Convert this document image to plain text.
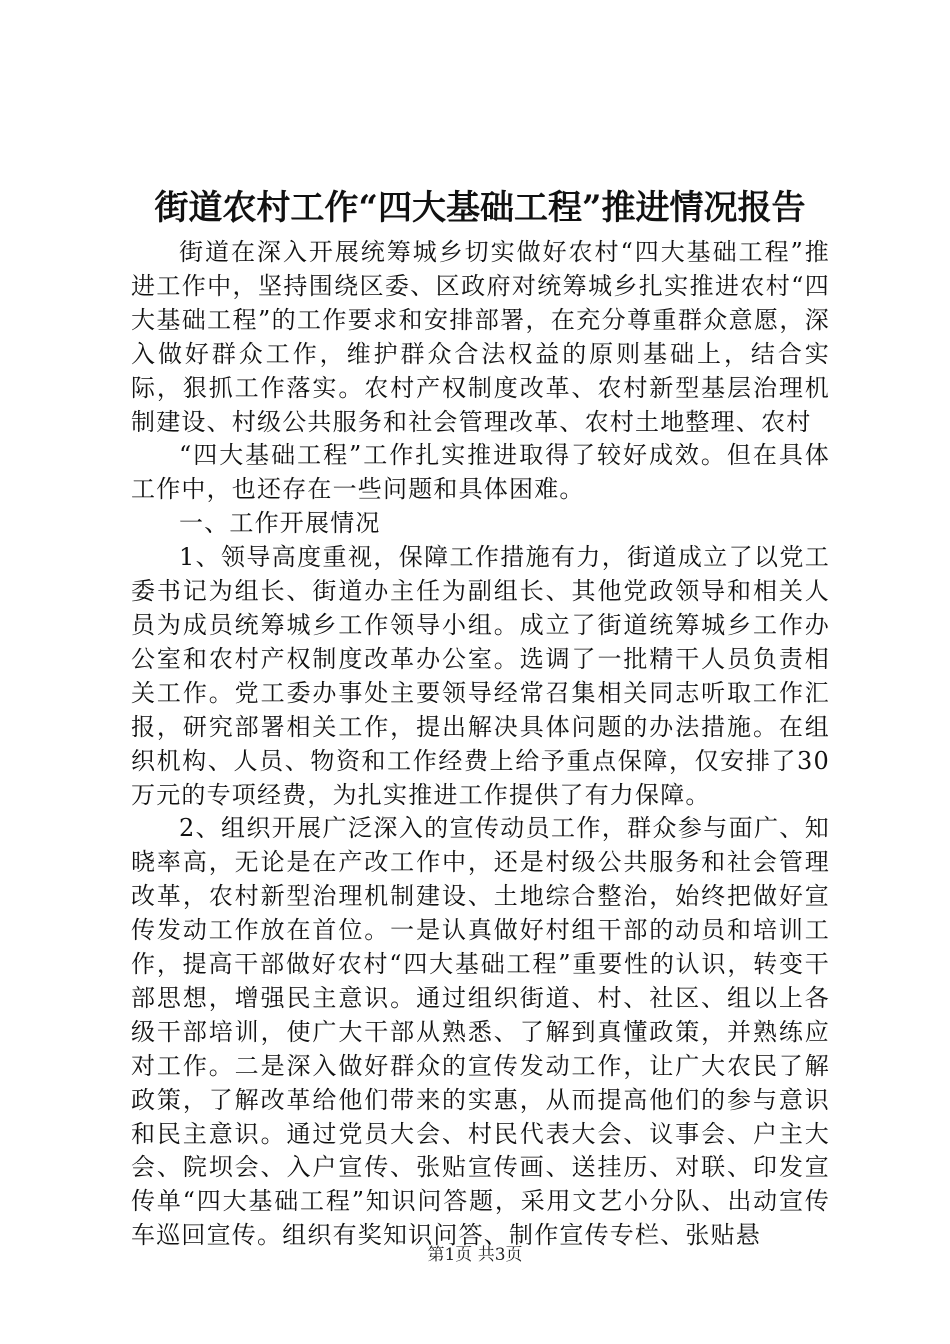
街道农村工作“四大基础工程”推进情况报告

街道在深入开展统筹城乡切实做好农村“四大基础工程”推进工作中，坚持围绕区委、区政府对统筹城乡扎实推进农村“四大基础工程”的工作要求和安排部署，在充分尊重群众意愿，深入做好群众工作，维护群众合法权益的原则基础上，结合实际，狠抓工作落实。农村产权制度改革、农村新型基层治理机制建设、村级公共服务和社会管理改革、农村土地整理、农村

“四大基础工程”工作扎实推进取得了较好成效。但在具体工作中，也还存在一些问题和具体困难。

一、工作开展情况

1、领导高度重视，保障工作措施有力，街道成立了以党工委书记为组长、街道办主任为副组长、其他党政领导和相关人员为成员统筹城乡工作领导小组。成立了街道统筹城乡工作办公室和农村产权制度改革办公室。选调了一批精干人员负责相关工作。党工委办事处主要领导经常召集相关同志听取工作汇报，研究部署相关工作，提出解决具体问题的办法措施。在组织机构、人员、物资和工作经费上给予重点保障，仅安排了30万元的专项经费，为扎实推进工作提供了有力保障。

2、组织开展广泛深入的宣传动员工作，群众参与面广、知晓率高，无论是在产改工作中，还是村级公共服务和社会管理改革，农村新型治理机制建设、土地综合整治，始终把做好宣传发动工作放在首位。一是认真做好村组干部的动员和培训工作，提高干部做好农村“四大基础工程”重要性的认识，转变干部思想，增强民主意识。通过组织街道、村、社区、组以上各级干部培训，使广大干部从熟悉、了解到真懂政策，并熟练应对工作。二是深入做好群众的宣传发动工作，让广大农民了解政策，了解改革给他们带来的实惠，从而提高他们的参与意识和民主意识。通过党员大会、村民代表大会、议事会、户主大会、院坝会、入户宣传、张贴宣传画、送挂历、对联、印发宣传单“四大基础工程”知识问答题，采用文艺小分队、出动宣传车巡回宣传。组织有奖知识问答、制作宣传专栏、张贴悬

第1页 共3页
